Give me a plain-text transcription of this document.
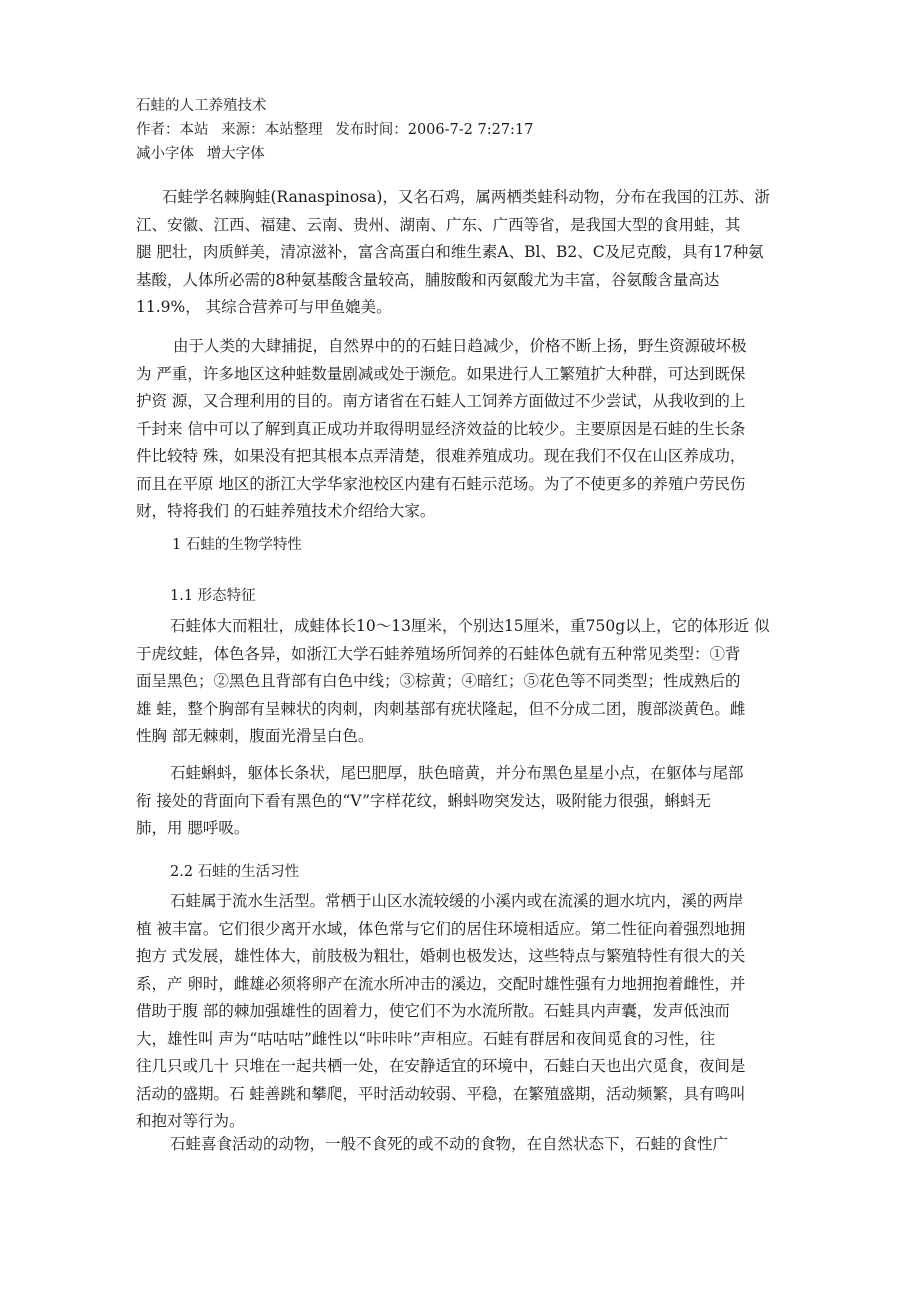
石蛙的人工养殖技术
作者：本站 来源：本站整理 发布时间：2006-7-2 7:27:17
减小字体 增大字体
石蛙学名棘胸蛙(Ranaspinosa)，又名石鸡，属两栖类蛙科动物，分布在我国的江苏、浙
江、安徽、江西、福建、云南、贵州、湖南、广东、广西等省，是我国大型的食用蛙，其
腿 肥壮，肉质鲜美，清凉滋补，富含高蛋白和维生素A、Bl、B2、C及尼克酸，具有17种氨
基酸，人体所必需的8种氨基酸含量较高，脯胺酸和丙氨酸尤为丰富，谷氨酸含量高达
11.9%， 其综合营养可与甲鱼媲美。
由于人类的大肆捕捉，自然界中的的石蛙日趋减少，价格不断上扬，野生资源破坏极
为 严重，许多地区这种蛙数量剧减或处于濒危。如果进行人工繁殖扩大种群，可达到既保
护资 源，又合理利用的目的。南方诸省在石蛙人工饲养方面做过不少尝试，从我收到的上
千封来 信中可以了解到真正成功并取得明显经济效益的比较少。主要原因是石蛙的生长条
件比较特 殊，如果没有把其根本点弄清楚，很难养殖成功。现在我们不仅在山区养成功，
而且在平原 地区的浙江大学华家池校区内建有石蛙示范场。为了不使更多的养殖户劳民伤
财，特将我们 的石蛙养殖技术介绍给大家。
1 石蛙的生物学特性
1.1 形态特征
石蛙体大而粗壮，成蛙体长10～13厘米，个别达15厘米，重750g以上，它的体形近 似
于虎纹蛙，体色各异，如浙江大学石蛙养殖场所饲养的石蛙体色就有五种常见类型：①背
面呈黑色；②黑色且背部有白色中线；③棕黄；④暗红；⑤花色等不同类型；性成熟后的
雄 蛙，整个胸部有呈棘状的肉刺，肉刺基部有疣状隆起，但不分成二团，腹部淡黄色。雌
性胸 部无棘刺，腹面光滑呈白色。
石蛙蝌蚪，躯体长条状，尾巴肥厚，肤色暗黄，并分布黑色星星小点，在躯体与尾部
衔 接处的背面向下看有黑色的“V”字样花纹，蝌蚪吻突发达，吸附能力很强，蝌蚪无
肺，用 腮呼吸。
2.2 石蛙的生活习性
石蛙属于流水生活型。常栖于山区水流较缓的小溪内或在流溪的迴水坑内，溪的两岸
植 被丰富。它们很少离开水域，体色常与它们的居住环境相适应。第二性征向着强烈地拥
抱方 式发展，雄性体大，前肢极为粗壮，婚刺也极发达，这些特点与繁殖特性有很大的关
系，产 卵时，雌雄必须将卵产在流水所冲击的溪边，交配时雄性强有力地拥抱着雌性，并
借助于腹 部的棘加强雄性的固着力，使它们不为水流所散。石蛙具内声囊，发声低浊而
大，雄性叫 声为“咕咕咕”雌性以“咔咔咔”声相应。石蛙有群居和夜间觅食的习性，往
往几只或几十 只堆在一起共栖一处，在安静适宜的环境中，石蛙白天也出穴觅食，夜间是
活动的盛期。石 蛙善跳和攀爬，平时活动较弱、平稳，在繁殖盛期，活动频繁，具有鸣叫
和抱对等行为。
石蛙喜食活动的动物，一般不食死的或不动的食物，在自然状态下，石蛙的食性广
